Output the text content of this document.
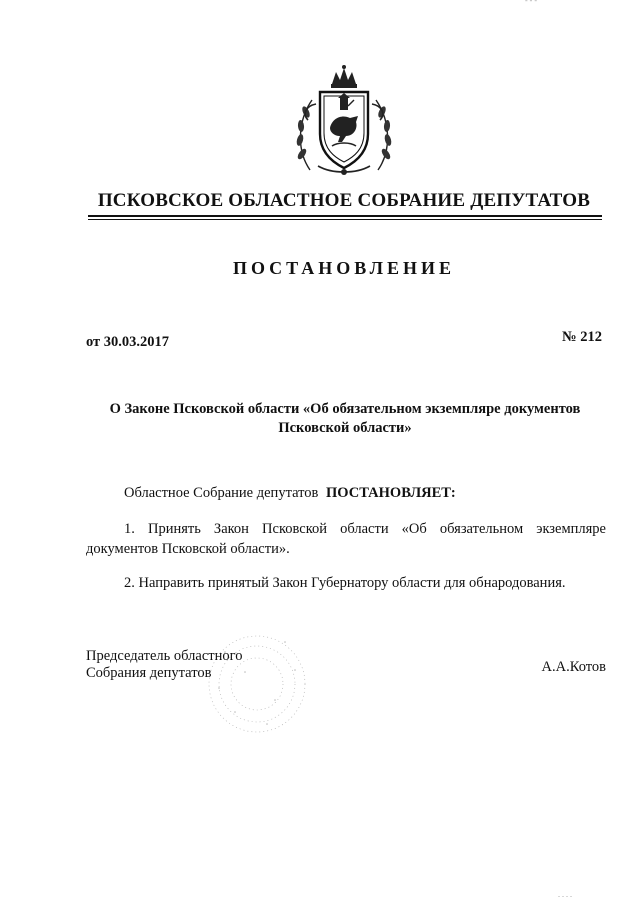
- - -
ПСКОВСКОЕ ОБЛАСТНОЕ СОБРАНИЕ ДЕПУТАТОВ
ПОСТАНОВЛЕНИЕ
от 30.03.2017	№ 212
О Законе Псковской области «Об обязательном экземпляре документов
Псковской области»
Областное Собрание депутатов ПОСТАНОВЛЯЕТ:
1. Принять Закон Псковской области «Об обязательном экземпляре документов Псковской области».
2. Направить принятый Закон Губернатору области для обнародования.
Председатель областного
Собрания депутатов	А.А.Котов
. . . .
